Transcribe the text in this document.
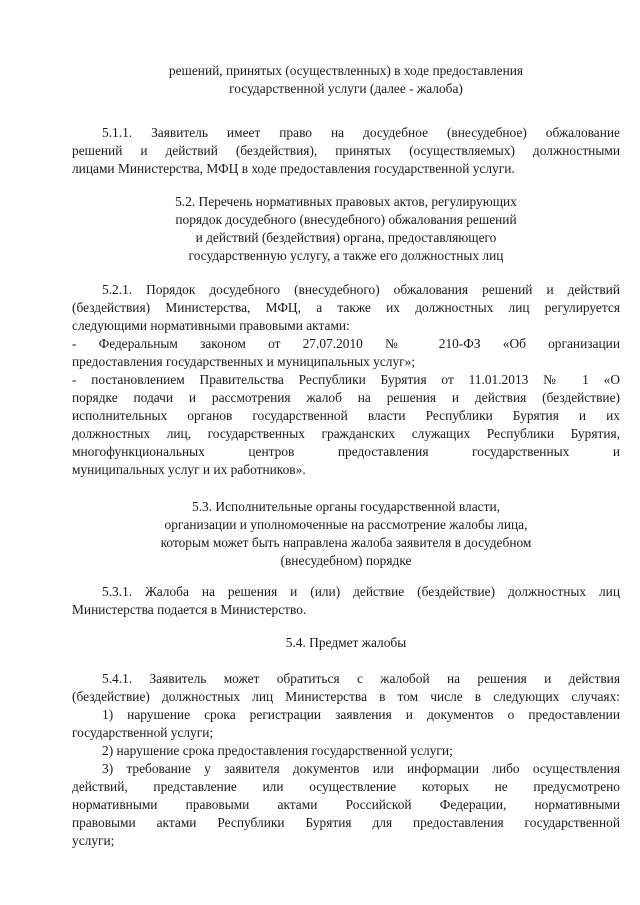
решений, принятых (осуществленных) в ходе предоставления
государственной услуги (далее - жалоба)
5.1.1. Заявитель имеет право на досудебное (внесудебное) обжалование
решений и действий (бездействия), принятых (осуществляемых) должностными
лицами Министерства, МФЦ в ходе предоставления государственной услуги.
5.2. Перечень нормативных правовых актов, регулирующих
порядок досудебного (внесудебного) обжалования решений
и действий (бездействия) органа, предоставляющего
государственную услугу, а также его должностных лиц
5.2.1. Порядок досудебного (внесудебного) обжалования решений и действий
(бездействия) Министерства, МФЦ, а также их должностных лиц регулируется
следующими нормативными правовыми актами:
- Федеральным законом от 27.07.2010 № 210-ФЗ «Об организации
предоставления государственных и муниципальных услуг»;
- постановлением Правительства Республики Бурятия от 11.01.2013 № 1 «О
порядке подачи и рассмотрения жалоб на решения и действия (бездействие)
исполнительных органов государственной власти Республики Бурятия и их
должностных лиц, государственных гражданских служащих Республики Бурятия,
многофункциональных центров предоставления государственных и
муниципальных услуг и их работников».
5.3. Исполнительные органы государственной власти,
организации и уполномоченные на рассмотрение жалобы лица,
которым может быть направлена жалоба заявителя в досудебном
(внесудебном) порядке
5.3.1. Жалоба на решения и (или) действие (бездействие) должностных лиц
Министерства подается в Министерство.
5.4. Предмет жалобы
5.4.1. Заявитель может обратиться с жалобой на решения и действия
(бездействие) должностных лиц Министерства в том числе в следующих случаях:
1) нарушение срока регистрации заявления и документов о предоставлении
государственной услуги;
2) нарушение срока предоставления государственной услуги;
3) требование у заявителя документов или информации либо осуществления
действий, представление или осуществление которых не предусмотрено
нормативными правовыми актами Российской Федерации, нормативными
правовыми актами Республики Бурятия для предоставления государственной
услуги;
